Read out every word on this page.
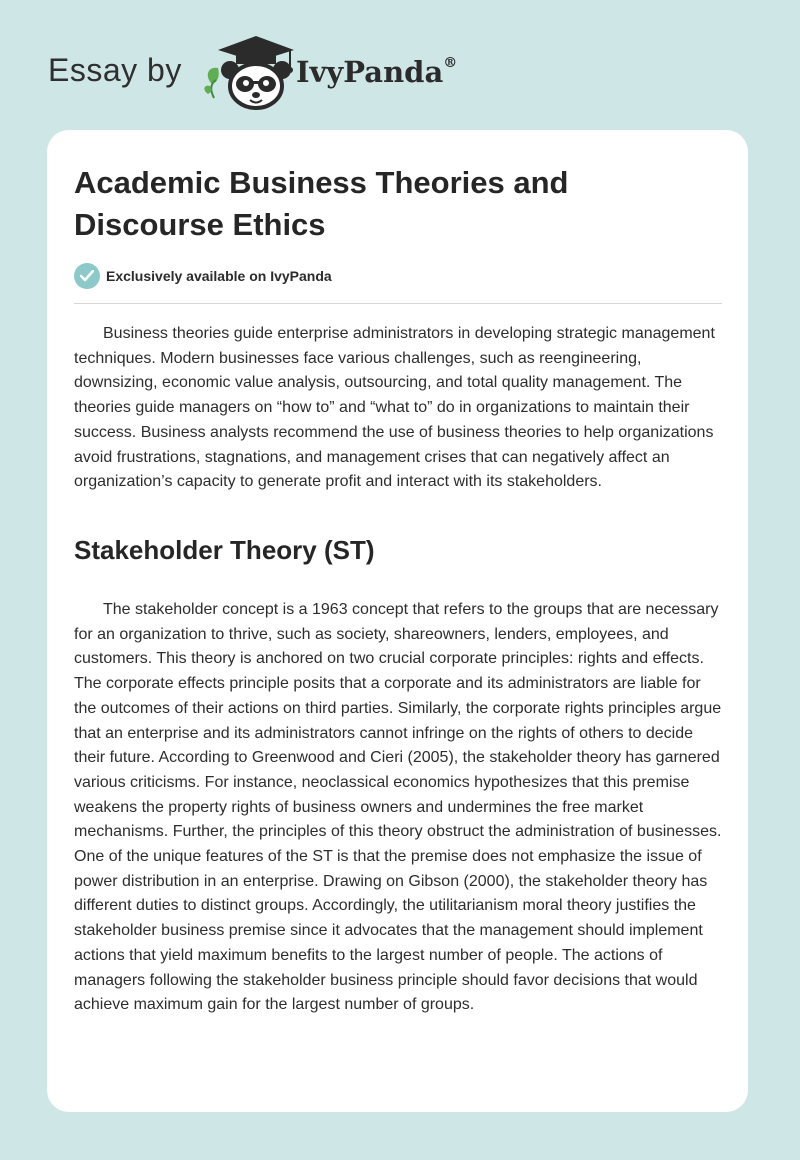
Essay by	IvyPanda®
Academic Business Theories and Discourse Ethics
Exclusively available on IvyPanda

Business theories guide enterprise administrators in developing strategic management techniques. Modern businesses face various challenges, such as reengineering, downsizing, economic value analysis, outsourcing, and total quality management. The theories guide managers on “how to” and “what to” do in organizations to maintain their success. Business analysts recommend the use of business theories to help organizations avoid frustrations, stagnations, and management crises that can negatively affect an organization’s capacity to generate profit and interact with its stakeholders.

Stakeholder Theory (ST)

The stakeholder concept is a 1963 concept that refers to the groups that are necessary for an organization to thrive, such as society, shareowners, lenders, employees, and customers. This theory is anchored on two crucial corporate principles: rights and effects. The corporate effects principle posits that a corporate and its administrators are liable for the outcomes of their actions on third parties. Similarly, the corporate rights principles argue that an enterprise and its administrators cannot infringe on the rights of others to decide their future. According to Greenwood and Cieri (2005), the stakeholder theory has garnered various criticisms. For instance, neoclassical economics hypothesizes that this premise weakens the property rights of business owners and undermines the free market mechanisms. Further, the principles of this theory obstruct the administration of businesses. One of the unique features of the ST is that the premise does not emphasize the issue of power distribution in an enterprise. Drawing on Gibson (2000), the stakeholder theory has different duties to distinct groups. Accordingly, the utilitarianism moral theory justifies the stakeholder business premise since it advocates that the management should implement actions that yield maximum benefits to the largest number of people. The actions of managers following the stakeholder business principle should favor decisions that would achieve maximum gain for the largest number of groups.
